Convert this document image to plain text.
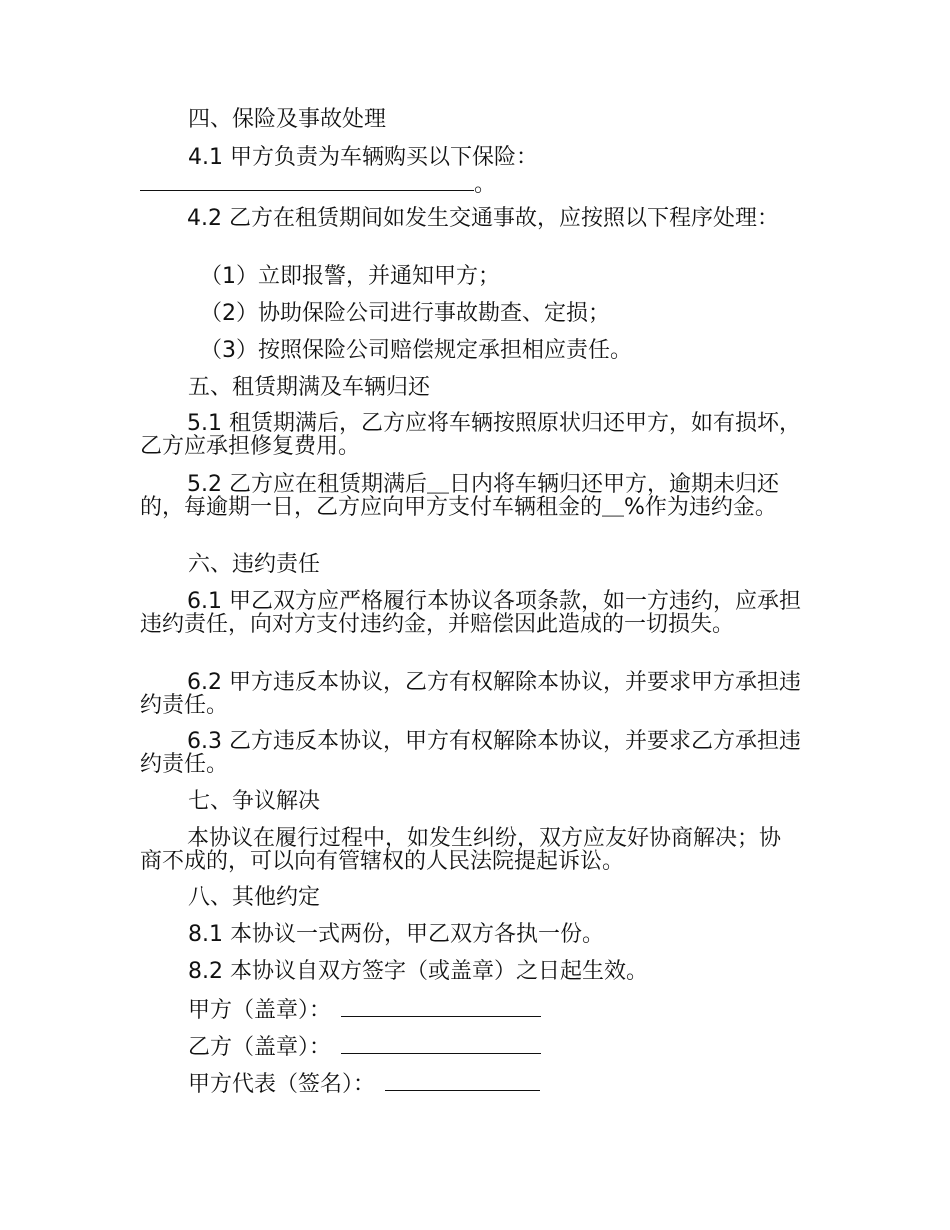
四、保险及事故处理
4.1 甲方负责为车辆购买以下保险：
。
4.2 乙方在租赁期间如发生交通事故，应按照以下程序处理：
（1）立即报警，并通知甲方；
（2）协助保险公司进行事故勘查、定损；
（3）按照保险公司赔偿规定承担相应责任。
五、租赁期满及车辆归还
5.1 租赁期满后，乙方应将车辆按照原状归还甲方，如有损坏，乙方应承担修复费用。
5.2 乙方应在租赁期满后＿日内将车辆归还甲方，逾期未归还的，每逾期一日，乙方应向甲方支付车辆租金的＿%作为违约金。
六、违约责任
6.1 甲乙双方应严格履行本协议各项条款，如一方违约，应承担违约责任，向对方支付违约金，并赔偿因此造成的一切损失。
6.2 甲方违反本协议，乙方有权解除本协议，并要求甲方承担违约责任。
6.3 乙方违反本协议，甲方有权解除本协议，并要求乙方承担违约责任。
七、争议解决
本协议在履行过程中，如发生纠纷，双方应友好协商解决；协商不成的，可以向有管辖权的人民法院提起诉讼。
八、其他约定
8.1 本协议一式两份，甲乙双方各执一份。
8.2 本协议自双方签字（或盖章）之日起生效。
甲方（盖章）：
乙方（盖章）：
甲方代表（签名）：
